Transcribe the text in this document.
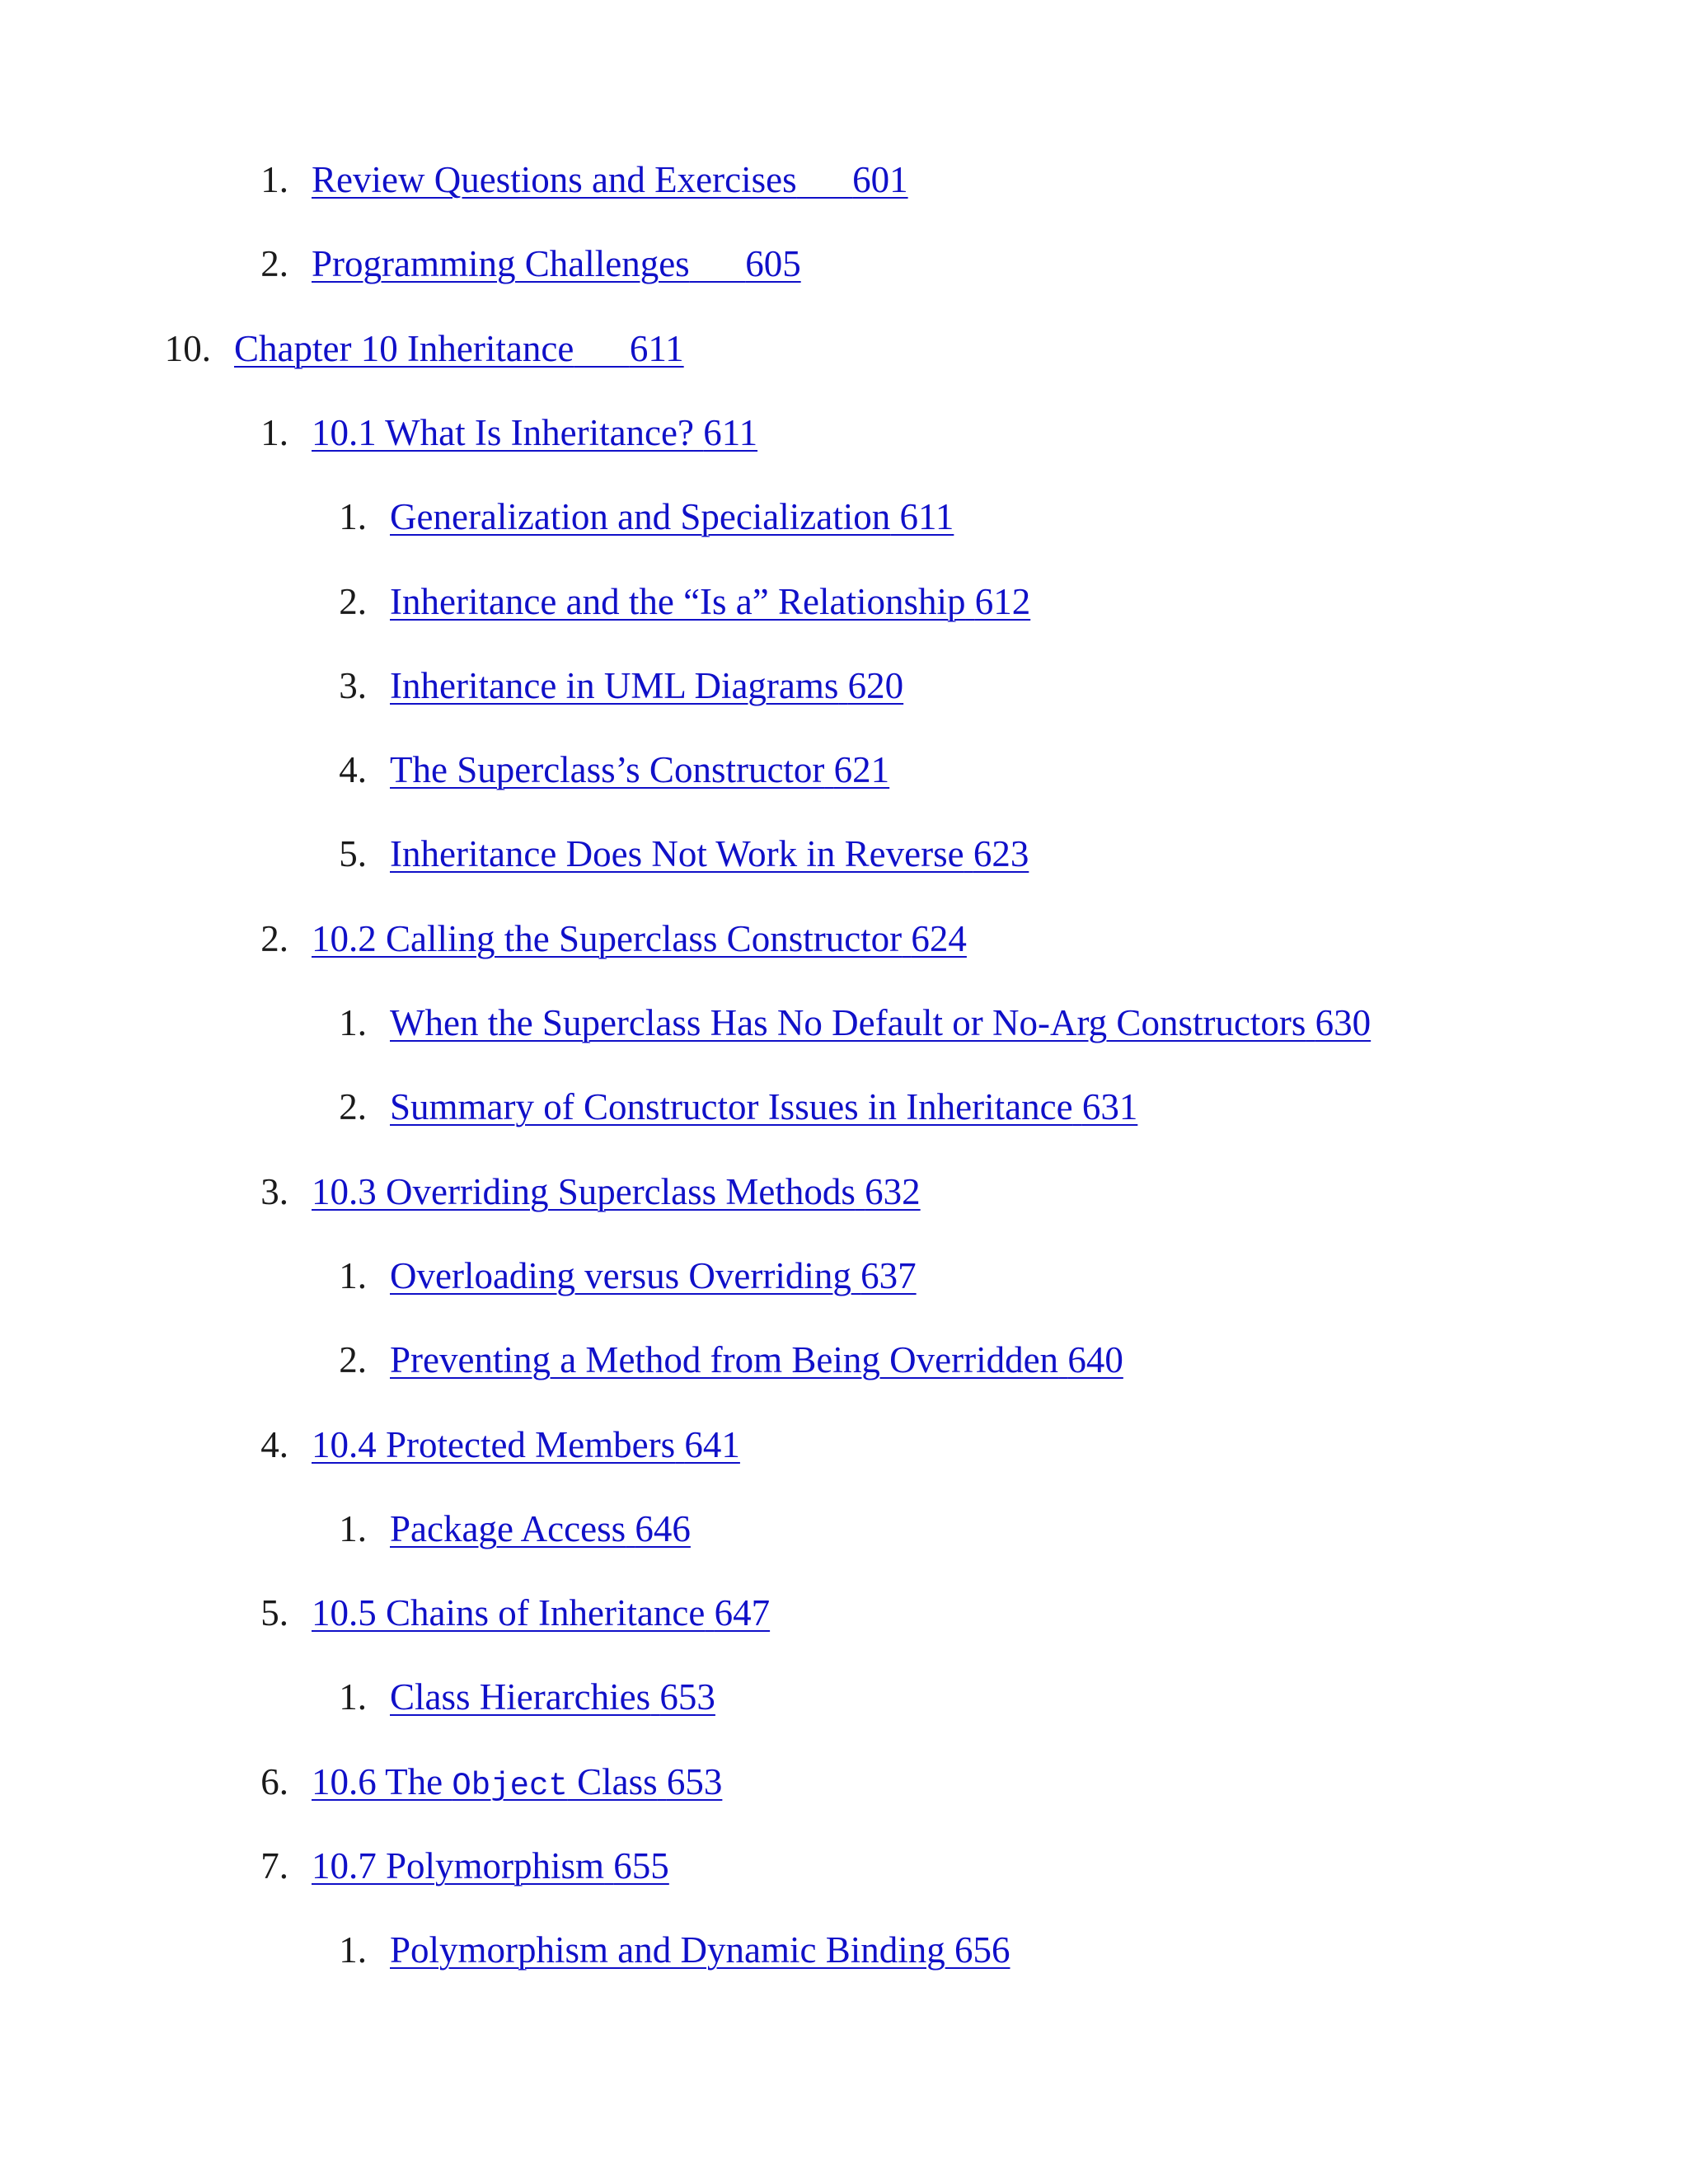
1. Review Questions and Exercises 601
2. Programming Challenges 605
10. Chapter 10 Inheritance 611
1. 10.1 What Is Inheritance? 611
1. Generalization and Specialization 611
2. Inheritance and the “Is a” Relationship 612
3. Inheritance in UML Diagrams 620
4. The Superclass’s Constructor 621
5. Inheritance Does Not Work in Reverse 623
2. 10.2 Calling the Superclass Constructor 624
1. When the Superclass Has No Default or No-Arg Constructors 630
2. Summary of Constructor Issues in Inheritance 631
3. 10.3 Overriding Superclass Methods 632
1. Overloading versus Overriding 637
2. Preventing a Method from Being Overridden 640
4. 10.4 Protected Members 641
1. Package Access 646
5. 10.5 Chains of Inheritance 647
1. Class Hierarchies 653
6. 10.6 The Object Class 653
7. 10.7 Polymorphism 655
1. Polymorphism and Dynamic Binding 656
